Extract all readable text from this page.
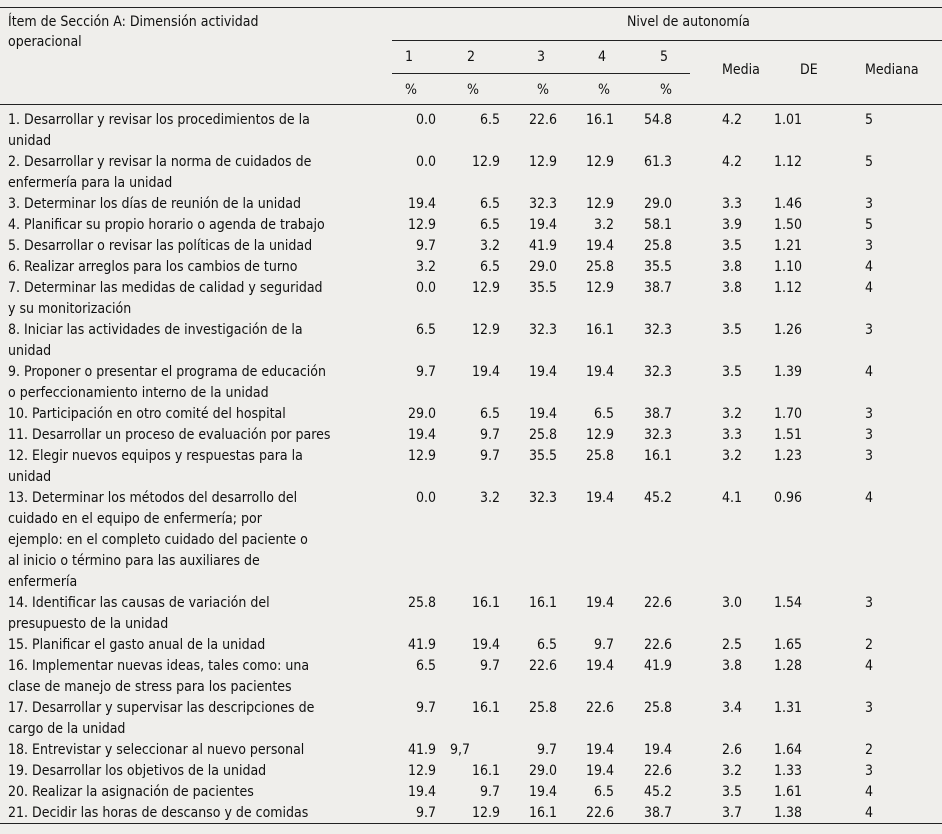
Ítem de Sección A: Dimensión actividad
operacional
Nivel de autonomía
1	2	3	4	5
%	%	%	%	%
Media	DE	Mediana
1. Desarrollar y revisar los procedimientos de la
unidad
0.0	6.5	22.6	16.1	54.8	4.2	1.01	5
2. Desarrollar y revisar la norma de cuidados de
enfermería para la unidad
0.0	12.9	12.9	12.9	61.3	4.2	1.12	5
3. Determinar los días de reunión de la unidad	19.4	6.5	32.3	12.9	29.0	3.3	1.46	3
4. Planificar su propio horario o agenda de trabajo	12.9	6.5	19.4	3.2	58.1	3.9	1.50	5
5. Desarrollar o revisar las políticas de la unidad	9.7	3.2	41.9	19.4	25.8	3.5	1.21	3
6. Realizar arreglos para los cambios de turno	3.2	6.5	29.0	25.8	35.5	3.8	1.10	4
7. Determinar las medidas de calidad y seguridad
y su monitorización
0.0	12.9	35.5	12.9	38.7	3.8	1.12	4
8. Iniciar las actividades de investigación de la
unidad
6.5	12.9	32.3	16.1	32.3	3.5	1.26	3
9. Proponer o presentar el programa de educación
o perfeccionamiento interno de la unidad
9.7	19.4	19.4	19.4	32.3	3.5	1.39	4
10. Participación en otro comité del hospital	29.0	6.5	19.4	6.5	38.7	3.2	1.70	3
11. Desarrollar un proceso de evaluación por pares	19.4	9.7	25.8	12.9	32.3	3.3	1.51	3
12. Elegir nuevos equipos y respuestas para la
unidad
12.9	9.7	35.5	25.8	16.1	3.2	1.23	3
13. Determinar los métodos del desarrollo del
cuidado en el equipo de enfermería; por
ejemplo: en el completo cuidado del paciente o
al inicio o término para las auxiliares de
enfermería
0.0	3.2	32.3	19.4	45.2	4.1	0.96	4
14. Identificar las causas de variación del
presupuesto de la unidad
25.8	16.1	16.1	19.4	22.6	3.0	1.54	3
15. Planificar el gasto anual de la unidad	41.9	19.4	6.5	9.7	22.6	2.5	1.65	2
16. Implementar nuevas ideas, tales como: una
clase de manejo de stress para los pacientes
6.5	9.7	22.6	19.4	41.9	3.8	1.28	4
17. Desarrollar y supervisar las descripciones de
cargo de la unidad
9.7	16.1	25.8	22.6	25.8	3.4	1.31	3
18. Entrevistar y seleccionar al nuevo personal	41.9	9,7	9.7	19.4	19.4	2.6	1.64	2
19. Desarrollar los objetivos de la unidad	12.9	16.1	29.0	19.4	22.6	3.2	1.33	3
20. Realizar la asignación de pacientes	19.4	9.7	19.4	6.5	45.2	3.5	1.61	4
21. Decidir las horas de descanso y de comidas	9.7	12.9	16.1	22.6	38.7	3.7	1.38	4
